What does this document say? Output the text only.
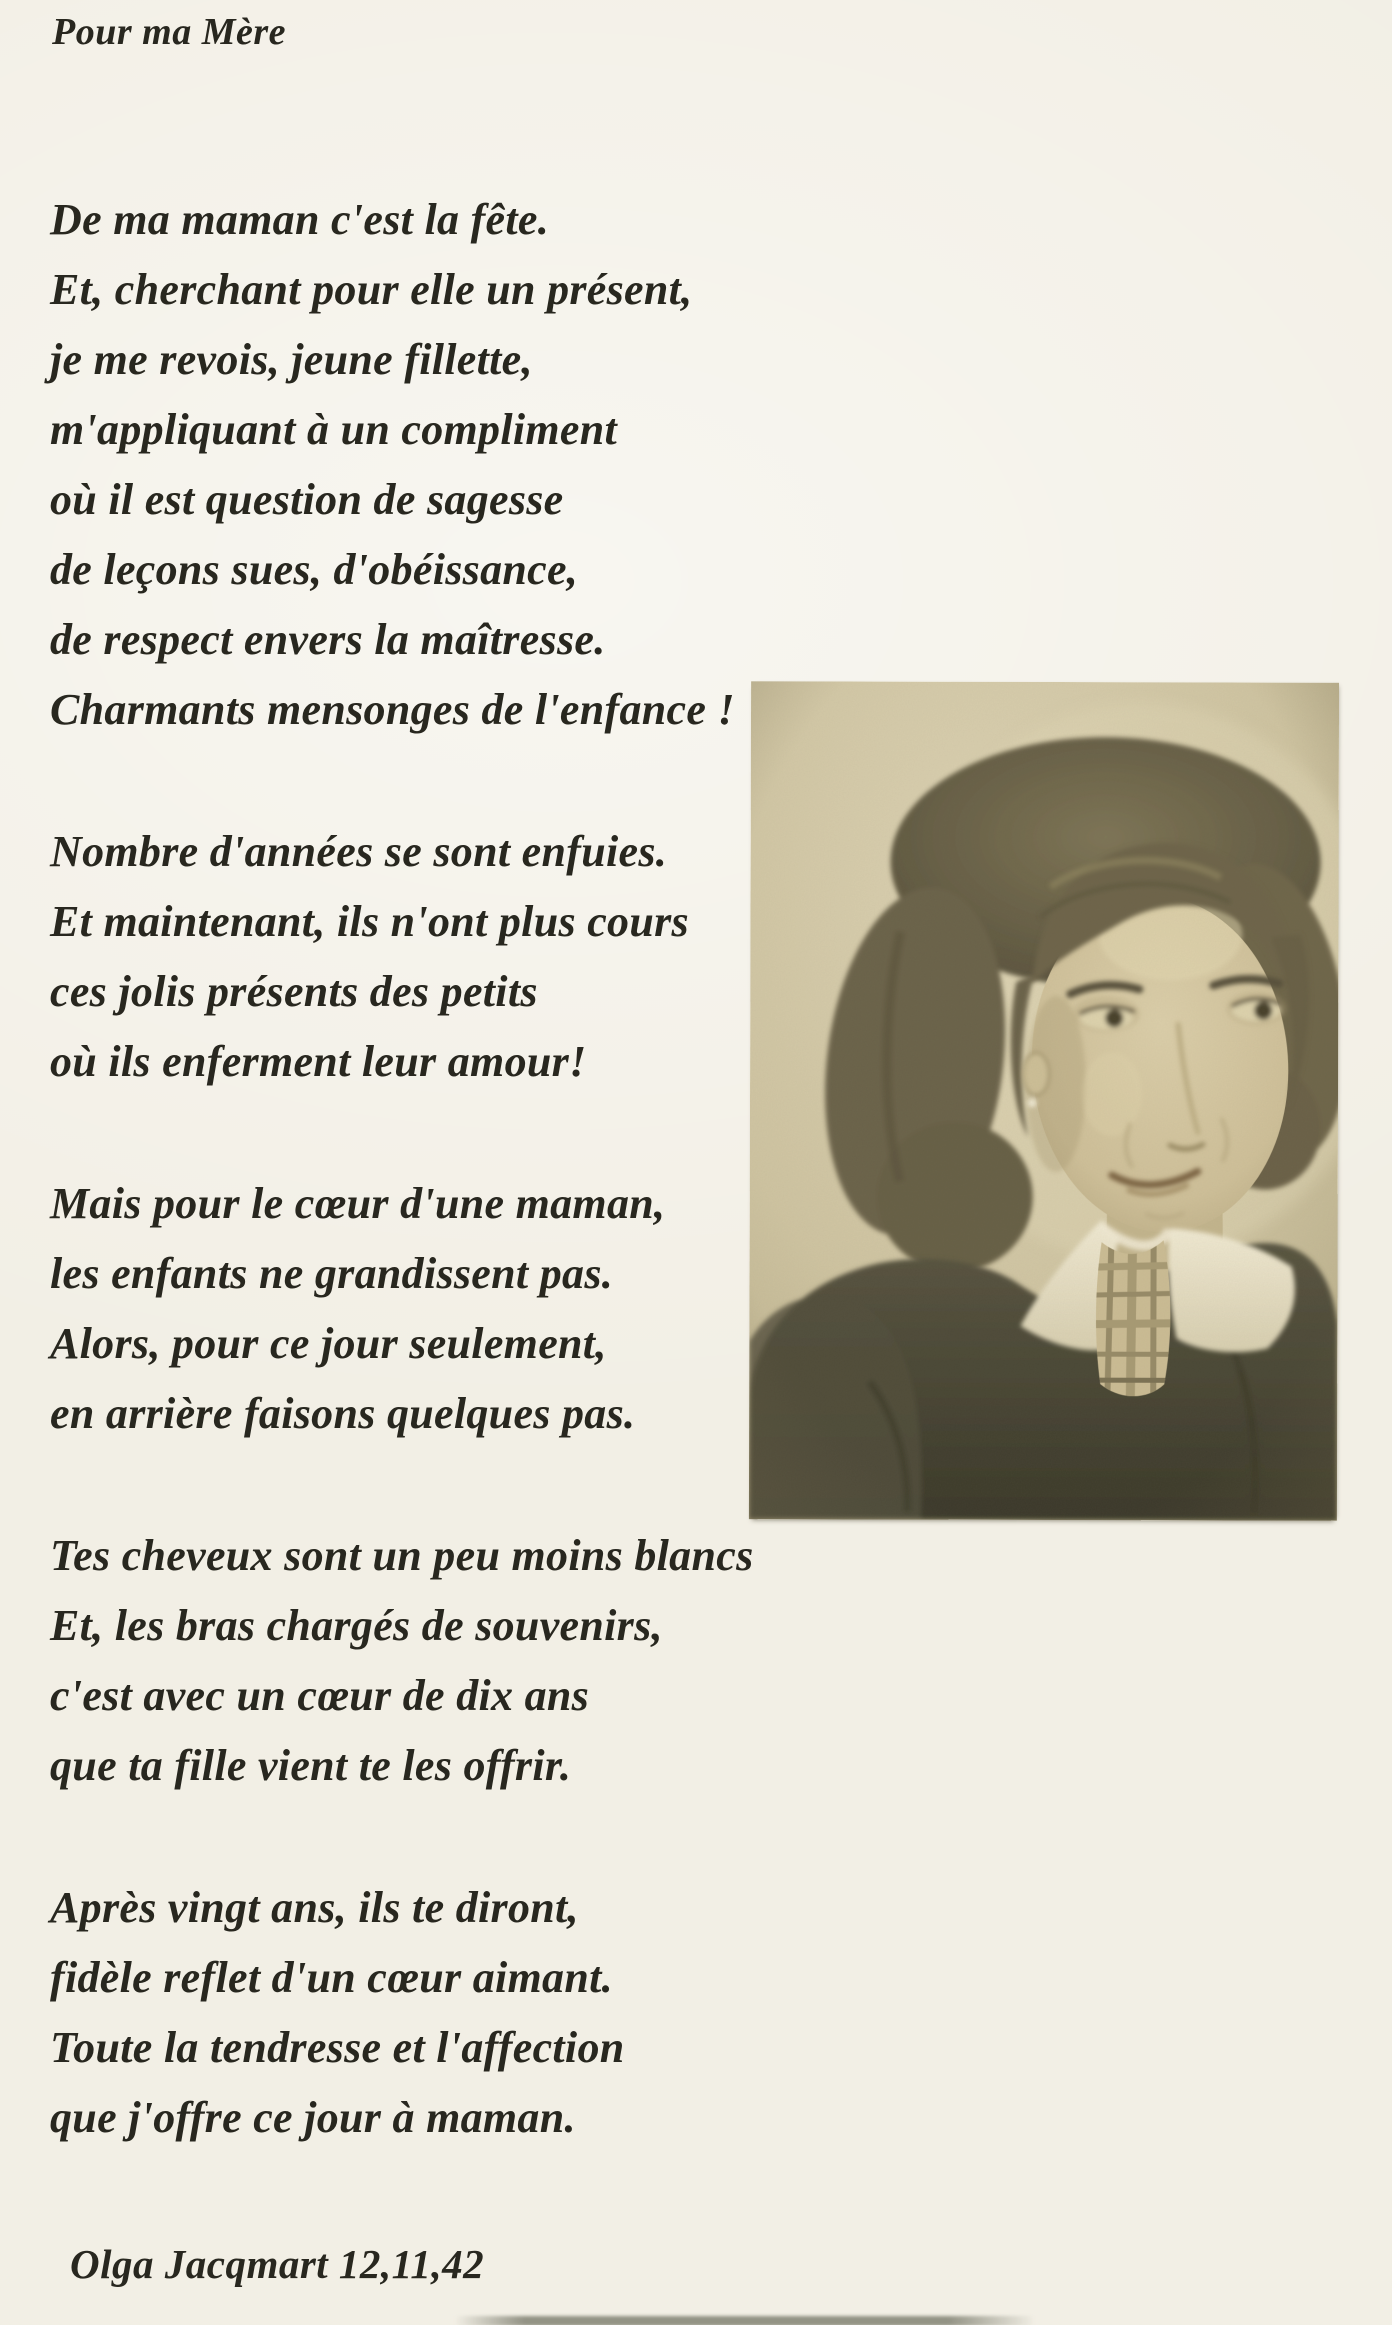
Pour ma Mère
De ma maman c'est la fête.
Et, cherchant pour elle un présent,
je me revois, jeune fillette,
m'appliquant à un compliment
où il est question de sagesse
de leçons sues, d'obéissance,
de respect envers la maîtresse.
Charmants mensonges de l'enfance !
Nombre d'années se sont enfuies.
Et maintenant, ils n'ont plus cours
ces jolis présents des petits
où ils enferment leur amour!
Mais pour le cœur d'une maman,
les enfants ne grandissent pas.
Alors, pour ce jour seulement,
en arrière faisons quelques pas.
Tes cheveux sont un peu moins blancs
Et, les bras chargés de souvenirs,
c'est avec un cœur de dix ans
que ta fille vient te les offrir.
Après vingt ans, ils te diront,
fidèle reflet d'un cœur aimant.
Toute la tendresse et l'affection
que j'offre ce jour à maman.
Olga Jacqmart 12,11,42
